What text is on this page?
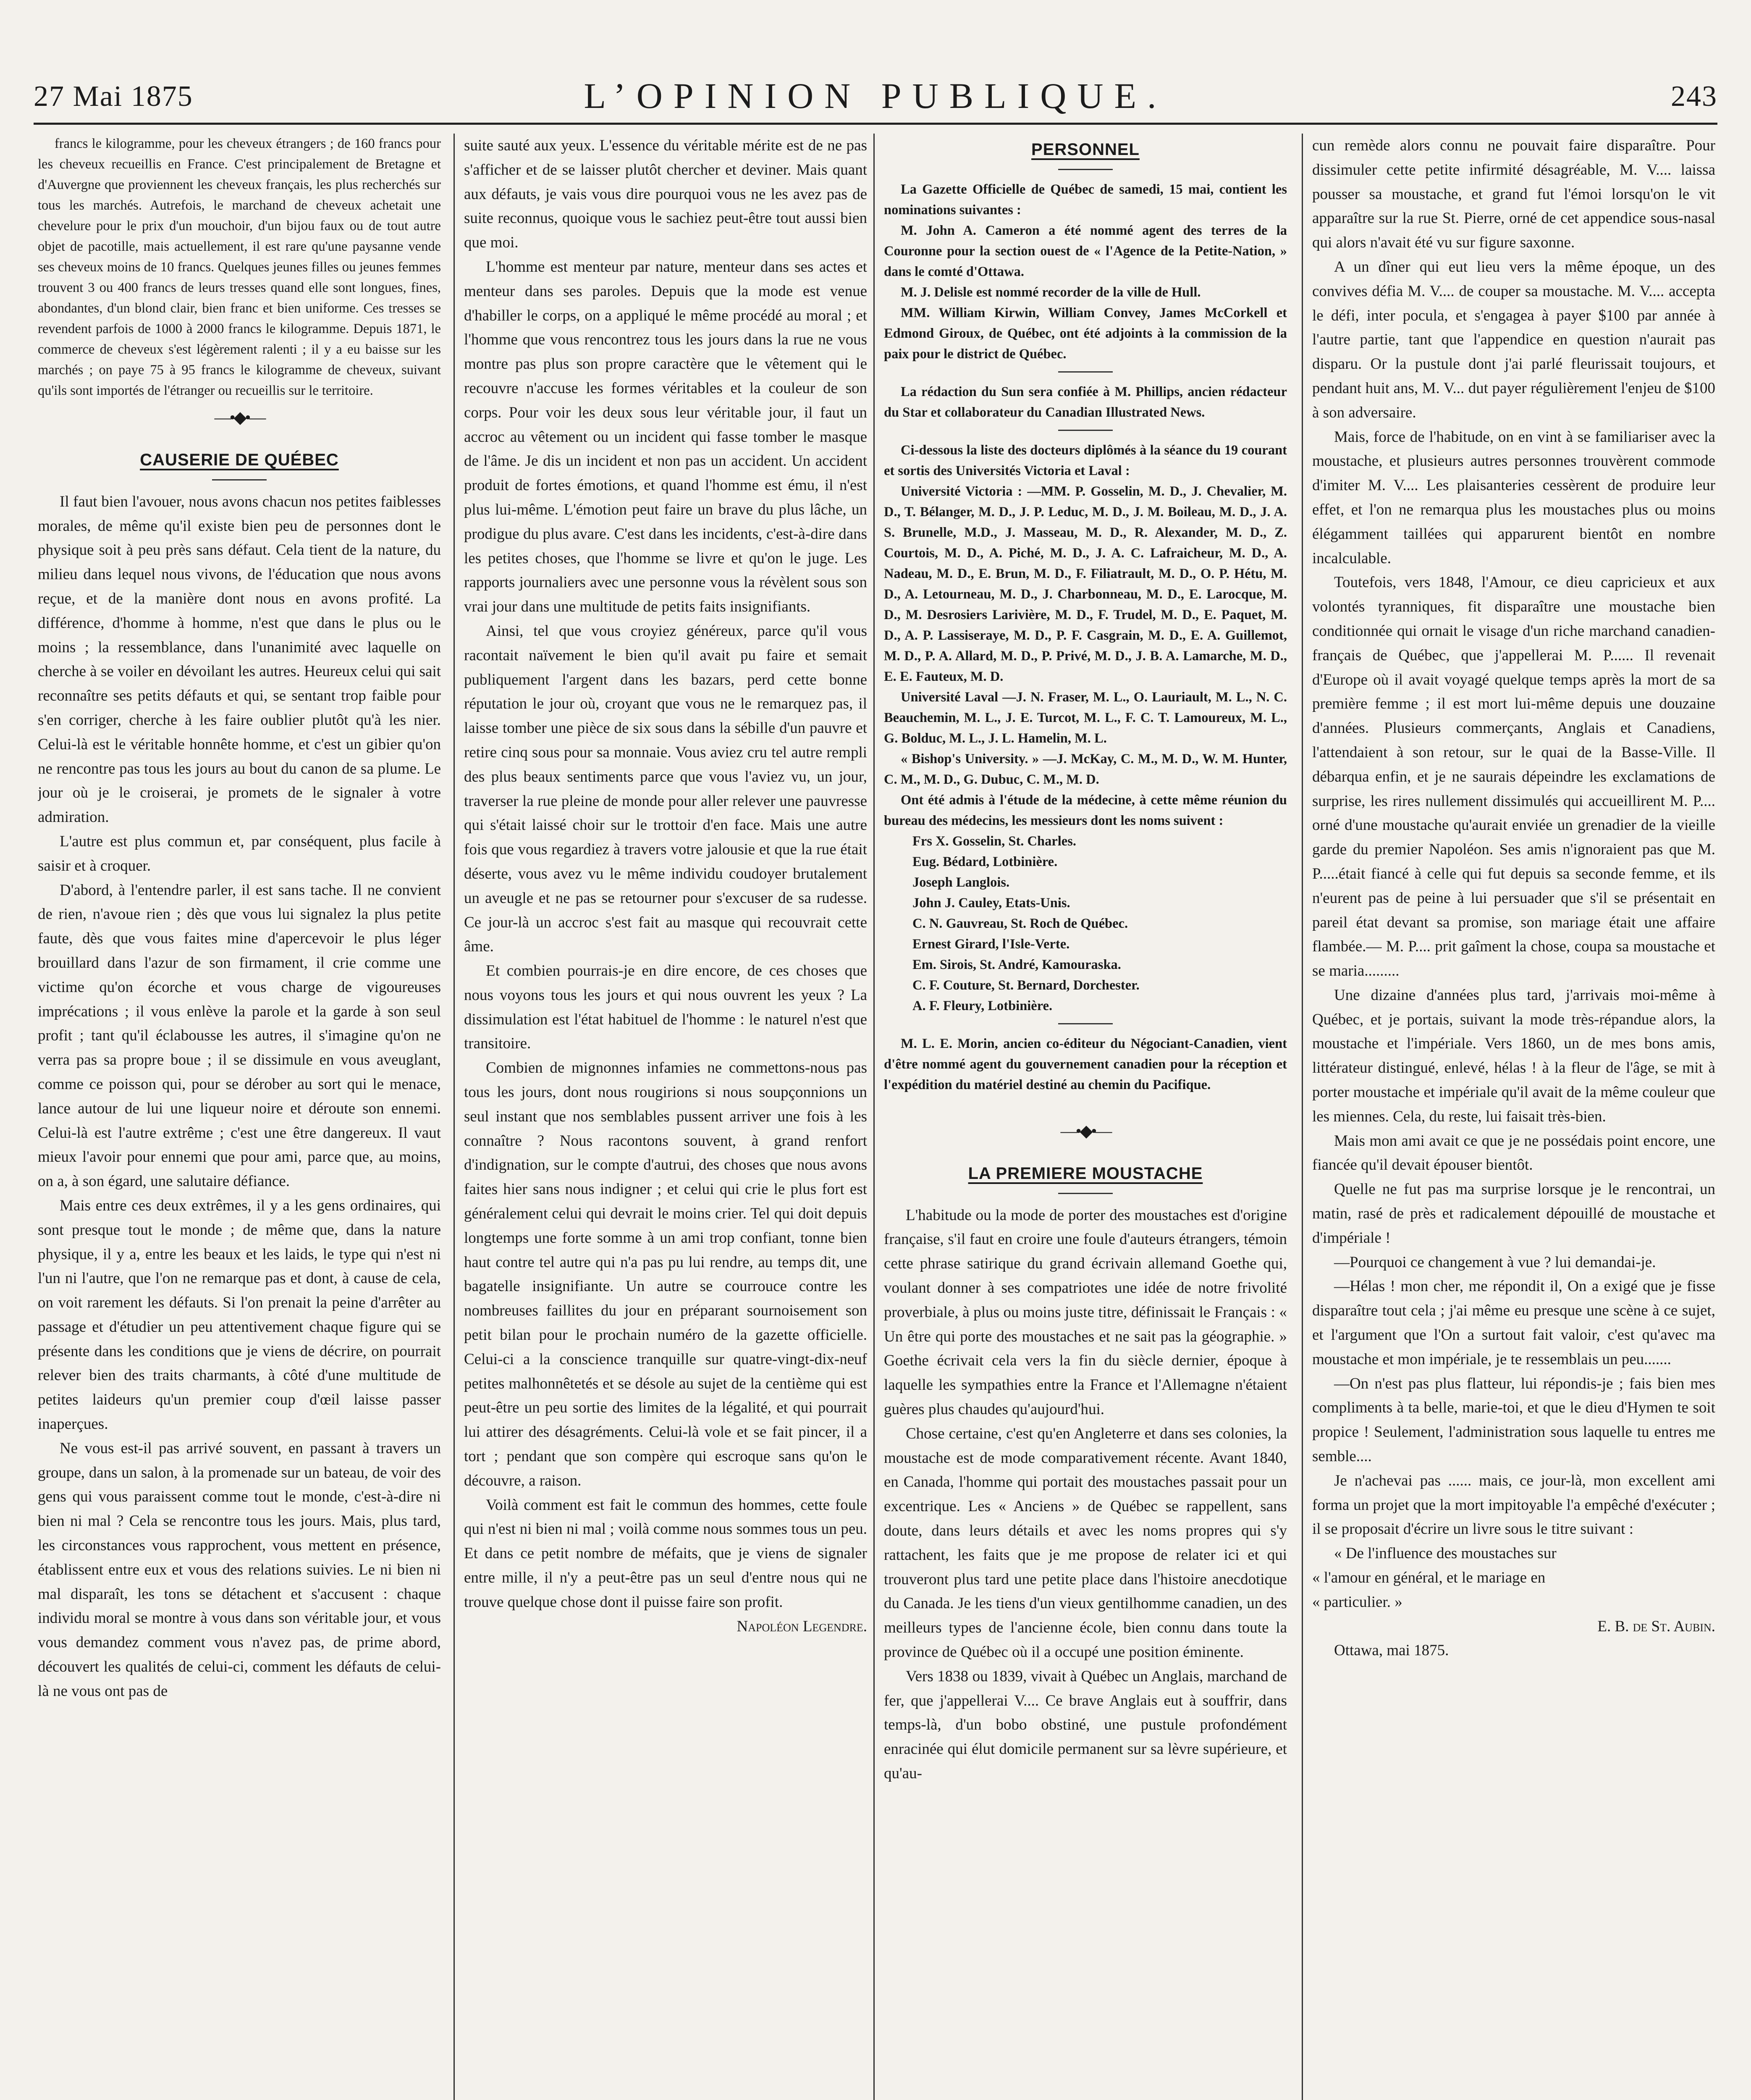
27 Mai 1875	L’OPINION PUBLIQUE.	243

francs le kilogramme, pour les cheveux étrangers ; de 160 francs pour les cheveux recueillis en France. C'est principalement de Bretagne et d'Auvergne que proviennent les cheveux français, les plus recherchés sur tous les marchés. Autrefois, le marchand de cheveux achetait une chevelure pour le prix d'un mouchoir, d'un bijou faux ou de tout autre objet de pacotille, mais actuellement, il est rare qu'une paysanne vende ses cheveux moins de 10 francs. Quelques jeunes filles ou jeunes femmes trouvent 3 ou 400 francs de leurs tresses quand elle sont longues, fines, abondantes, d'un blond clair, bien franc et bien uniforme. Ces tresses se revendent parfois de 1000 à 2000 francs le kilogramme. Depuis 1871, le commerce de cheveux s'est légèrement ralenti ; il y a eu baisse sur les marchés ; on paye 75 à 95 francs le kilogramme de cheveux, suivant qu'ils sont importés de l'étranger ou recueillis sur le territoire.

—•◆•—
CAUSERIE DE QUÉBEC

Il faut bien l'avouer, nous avons chacun nos petites faiblesses morales, de même qu'il existe bien peu de personnes dont le physique soit à peu près sans défaut. Cela tient de la nature, du milieu dans lequel nous vivons, de l'éducation que nous avons reçue, et de la manière dont nous en avons profité. La différence, d'homme à homme, n'est que dans le plus ou le moins ; la ressemblance, dans l'unanimité avec laquelle on cherche à se voiler en dévoilant les autres. Heureux celui qui sait reconnaître ses petits défauts et qui, se sentant trop faible pour s'en corriger, cherche à les faire oublier plutôt qu'à les nier. Celui-là est le véritable honnête homme, et c'est un gibier qu'on ne rencontre pas tous les jours au bout du canon de sa plume. Le jour où je le croiserai, je promets de le signaler à votre admiration.

L'autre est plus commun et, par conséquent, plus facile à saisir et à croquer.

D'abord, à l'entendre parler, il est sans tache. Il ne convient de rien, n'avoue rien ; dès que vous lui signalez la plus petite faute, dès que vous faites mine d'apercevoir le plus léger brouillard dans l'azur de son firmament, il crie comme une victime qu'on écorche et vous charge de vigoureuses imprécations ; il vous enlève la parole et la garde à son seul profit ; tant qu'il éclabousse les autres, il s'imagine qu'on ne verra pas sa propre boue ; il se dissimule en vous aveuglant, comme ce poisson qui, pour se dérober au sort qui le menace, lance autour de lui une liqueur noire et déroute son ennemi. Celui-là est l'autre extrême ; c'est une être dangereux. Il vaut mieux l'avoir pour ennemi que pour ami, parce que, au moins, on a, à son égard, une salutaire défiance.

Mais entre ces deux extrêmes, il y a les gens ordinaires, qui sont presque tout le monde ; de même que, dans la nature physique, il y a, entre les beaux et les laids, le type qui n'est ni l'un ni l'autre, que l'on ne remarque pas et dont, à cause de cela, on voit rarement les défauts. Si l'on prenait la peine d'arrêter au passage et d'étudier un peu attentivement chaque figure qui se présente dans les conditions que je viens de décrire, on pourrait relever bien des traits charmants, à côté d'une multitude de petites laideurs qu'un premier coup d'œil laisse passer inaperçues.

Ne vous est-il pas arrivé souvent, en passant à travers un groupe, dans un salon, à la promenade sur un bateau, de voir des gens qui vous paraissent comme tout le monde, c'est-à-dire ni bien ni mal ? Cela se rencontre tous les jours. Mais, plus tard, les circonstances vous rapprochent, vous mettent en présence, établissent entre eux et vous des relations suivies. Le ni bien ni mal disparaît, les tons se détachent et s'accusent : chaque individu moral se montre à vous dans son véritable jour, et vous vous demandez comment vous n'avez pas, de prime abord, découvert les qualités de celui-ci, comment les défauts de celui-là ne vous ont pas de

suite sauté aux yeux. L'essence du véritable mérite est de ne pas s'afficher et de se laisser plutôt chercher et deviner. Mais quant aux défauts, je vais vous dire pourquoi vous ne les avez pas de suite reconnus, quoique vous le sachiez peut-être tout aussi bien que moi.

L'homme est menteur par nature, menteur dans ses actes et menteur dans ses paroles. Depuis que la mode est venue d'habiller le corps, on a appliqué le même procédé au moral ; et l'homme que vous rencontrez tous les jours dans la rue ne vous montre pas plus son propre caractère que le vêtement qui le recouvre n'accuse les formes véritables et la couleur de son corps. Pour voir les deux sous leur véritable jour, il faut un accroc au vêtement ou un incident qui fasse tomber le masque de l'âme. Je dis un incident et non pas un accident. Un accident produit de fortes émotions, et quand l'homme est ému, il n'est plus lui-même. L'émotion peut faire un brave du plus lâche, un prodigue du plus avare. C'est dans les incidents, c'est-à-dire dans les petites choses, que l'homme se livre et qu'on le juge. Les rapports journaliers avec une personne vous la révèlent sous son vrai jour dans une multitude de petits faits insignifiants.

Ainsi, tel que vous croyiez généreux, parce qu'il vous racontait naïvement le bien qu'il avait pu faire et semait publiquement l'argent dans les bazars, perd cette bonne réputation le jour où, croyant que vous ne le remarquez pas, il laisse tomber une pièce de six sous dans la sébille d'un pauvre et retire cinq sous pour sa monnaie. Vous aviez cru tel autre rempli des plus beaux sentiments parce que vous l'aviez vu, un jour, traverser la rue pleine de monde pour aller relever une pauvresse qui s'était laissé choir sur le trottoir d'en face. Mais une autre fois que vous regardiez à travers votre jalousie et que la rue était déserte, vous avez vu le même individu coudoyer brutalement un aveugle et ne pas se retourner pour s'excuser de sa rudesse. Ce jour-là un accroc s'est fait au masque qui recouvrait cette âme.

Et combien pourrais-je en dire encore, de ces choses que nous voyons tous les jours et qui nous ouvrent les yeux ? La dissimulation est l'état habituel de l'homme : le naturel n'est que transitoire.

Combien de mignonnes infamies ne commettons-nous pas tous les jours, dont nous rougirions si nous soupçonnions un seul instant que nos semblables pussent arriver une fois à les connaître ? Nous racontons souvent, à grand renfort d'indignation, sur le compte d'autrui, des choses que nous avons faites hier sans nous indigner ; et celui qui crie le plus fort est généralement celui qui devrait le moins crier. Tel qui doit depuis longtemps une forte somme à un ami trop confiant, tonne bien haut contre tel autre qui n'a pas pu lui rendre, au temps dit, une bagatelle insignifiante. Un autre se courrouce contre les nombreuses faillites du jour en préparant sournoisement son petit bilan pour le prochain numéro de la gazette officielle. Celui-ci a la conscience tranquille sur quatre-vingt-dix-neuf petites malhonnêtetés et se désole au sujet de la centième qui est peut-être un peu sortie des limites de la légalité, et qui pourrait lui attirer des désagréments. Celui-là vole et se fait pincer, il a tort ; pendant que son compère qui escroque sans qu'on le découvre, a raison.

Voilà comment est fait le commun des hommes, cette foule qui n'est ni bien ni mal ; voilà comme nous sommes tous un peu. Et dans ce petit nombre de méfaits, que je viens de signaler entre mille, il n'y a peut-être pas un seul d'entre nous qui ne trouve quelque chose dont il puisse faire son profit.

Napoléon Legendre.

PERSONNEL

La Gazette Officielle de Québec de samedi, 15 mai, contient les nominations suivantes :

M. John A. Cameron a été nommé agent des terres de la Couronne pour la section ouest de « l'Agence de la Petite-Nation, » dans le comté d'Ottawa.

M. J. Delisle est nommé recorder de la ville de Hull.

MM. William Kirwin, William Convey, James McCorkell et Edmond Giroux, de Québec, ont été adjoints à la commission de la paix pour le district de Québec.

La rédaction du Sun sera confiée à M. Phillips, ancien rédacteur du Star et collaborateur du Canadian Illustrated News.

Ci-dessous la liste des docteurs diplômés à la séance du 19 courant et sortis des Universités Victoria et Laval :

Université Victoria : —MM. P. Gosselin, M. D., J. Chevalier, M. D., T. Bélanger, M. D., J. P. Leduc, M. D., J. M. Boileau, M. D., J. A. S. Brunelle, M.D., J. Masseau, M. D., R. Alexander, M. D., Z. Courtois, M. D., A. Piché, M. D., J. A. C. Lafraicheur, M. D., A. Nadeau, M. D., E. Brun, M. D., F. Filiatrault, M. D., O. P. Hétu, M. D., A. Letourneau, M. D., J. Charbonneau, M. D., E. Larocque, M. D., M. Desrosiers Larivière, M. D., F. Trudel, M. D., E. Paquet, M. D., A. P. Lassiseraye, M. D., P. F. Casgrain, M. D., E. A. Guillemot, M. D., P. A. Allard, M. D., P. Privé, M. D., J. B. A. Lamarche, M. D., E. E. Fauteux, M. D.

Université Laval —J. N. Fraser, M. L., O. Lauriault, M. L., N. C. Beauchemin, M. L., J. E. Turcot, M. L., F. C. T. Lamoureux, M. L., G. Bolduc, M. L., J. L. Hamelin, M. L.

« Bishop's University. » —J. McKay, C. M., M. D., W. M. Hunter, C. M., M. D., G. Dubuc, C. M., M. D.

Ont été admis à l'étude de la médecine, à cette même réunion du bureau des médecins, les messieurs dont les noms suivent :

Frs X. Gosselin, St. Charles.

Eug. Bédard, Lotbinière.

Joseph Langlois.

John J. Cauley, Etats-Unis.

C. N. Gauvreau, St. Roch de Québec.

Ernest Girard, l'Isle-Verte.

Em. Sirois, St. André, Kamouraska.

C. F. Couture, St. Bernard, Dorchester.

A. F. Fleury, Lotbinière.

M. L. E. Morin, ancien co-éditeur du Négociant-Canadien, vient d'être nommé agent du gouvernement canadien pour la réception et l'expédition du matériel destiné au chemin du Pacifique.

—•◆•—
LA PREMIERE MOUSTACHE

L'habitude ou la mode de porter des moustaches est d'origine française, s'il faut en croire une foule d'auteurs étrangers, témoin cette phrase satirique du grand écrivain allemand Goethe qui, voulant donner à ses compatriotes une idée de notre frivolité proverbiale, à plus ou moins juste titre, définissait le Français : « Un être qui porte des moustaches et ne sait pas la géographie. » Goethe écrivait cela vers la fin du siècle dernier, époque à laquelle les sympathies entre la France et l'Allemagne n'étaient guères plus chaudes qu'aujourd'hui.

Chose certaine, c'est qu'en Angleterre et dans ses colonies, la moustache est de mode comparativement récente. Avant 1840, en Canada, l'homme qui portait des moustaches passait pour un excentrique. Les « Anciens » de Québec se rappellent, sans doute, dans leurs détails et avec les noms propres qui s'y rattachent, les faits que je me propose de relater ici et qui trouveront plus tard une petite place dans l'histoire anecdotique du Canada. Je les tiens d'un vieux gentilhomme canadien, un des meilleurs types de l'ancienne école, bien connu dans toute la province de Québec où il a occupé une position éminente.

Vers 1838 ou 1839, vivait à Québec un Anglais, marchand de fer, que j'appellerai V.... Ce brave Anglais eut à souffrir, dans temps-là, d'un bobo obstiné, une pustule profondément enracinée qui élut domicile permanent sur sa lèvre supérieure, et qu'au-

cun remède alors connu ne pouvait faire disparaître. Pour dissimuler cette petite infirmité désagréable, M. V.... laissa pousser sa moustache, et grand fut l'émoi lorsqu'on le vit apparaître sur la rue St. Pierre, orné de cet appendice sous-nasal qui alors n'avait été vu sur figure saxonne.

A un dîner qui eut lieu vers la même époque, un des convives défia M. V.... de couper sa moustache. M. V.... accepta le défi, inter pocula, et s'engagea à payer $100 par année à l'autre partie, tant que l'appendice en question n'aurait pas disparu. Or la pustule dont j'ai parlé fleurissait toujours, et pendant huit ans, M. V... dut payer régulièrement l'enjeu de $100 à son adversaire.

Mais, force de l'habitude, on en vint à se familiariser avec la moustache, et plusieurs autres personnes trouvèrent commode d'imiter M. V.... Les plaisanteries cessèrent de produire leur effet, et l'on ne remarqua plus les moustaches plus ou moins élégamment taillées qui apparurent bientôt en nombre incalculable.

Toutefois, vers 1848, l'Amour, ce dieu capricieux et aux volontés tyranniques, fit disparaître une moustache bien conditionnée qui ornait le visage d'un riche marchand canadien-français de Québec, que j'appellerai M. P...... Il revenait d'Europe où il avait voyagé quelque temps après la mort de sa première femme ; il est mort lui-même depuis une douzaine d'années. Plusieurs commerçants, Anglais et Canadiens, l'attendaient à son retour, sur le quai de la Basse-Ville. Il débarqua enfin, et je ne saurais dépeindre les exclamations de surprise, les rires nullement dissimulés qui accueillirent M. P.... orné d'une moustache qu'aurait enviée un grenadier de la vieille garde du premier Napoléon. Ses amis n'ignoraient pas que M. P.....était fiancé à celle qui fut depuis sa seconde femme, et ils n'eurent pas de peine à lui persuader que s'il se présentait en pareil état devant sa promise, son mariage était une affaire flambée.— M. P.... prit gaîment la chose, coupa sa moustache et se maria.........

Une dizaine d'années plus tard, j'arrivais moi-même à Québec, et je portais, suivant la mode très-répandue alors, la moustache et l'impériale. Vers 1860, un de mes bons amis, littérateur distingué, enlevé, hélas ! à la fleur de l'âge, se mit à porter moustache et impériale qu'il avait de la même couleur que les miennes. Cela, du reste, lui faisait très-bien.

Mais mon ami avait ce que je ne possédais point encore, une fiancée qu'il devait épouser bientôt.

Quelle ne fut pas ma surprise lorsque je le rencontrai, un matin, rasé de près et radicalement dépouillé de moustache et d'impériale !

—Pourquoi ce changement à vue ? lui demandai-je.

—Hélas ! mon cher, me répondit il, On a exigé que je fisse disparaître tout cela ; j'ai même eu presque une scène à ce sujet, et l'argument que l'On a surtout fait valoir, c'est qu'avec ma moustache et mon impériale, je te ressemblais un peu.......

—On n'est pas plus flatteur, lui répondis-je ; fais bien mes compliments à ta belle, marie-toi, et que le dieu d'Hymen te soit propice ! Seulement, l'administration sous laquelle tu entres me semble....

Je n'achevai pas ...... mais, ce jour-là, mon excellent ami forma un projet que la mort impitoyable l'a empêché d'exécuter ; il se proposait d'écrire un livre sous le titre suivant :

« De l'influence des moustaches sur

« l'amour en général, et le mariage en

« particulier. »

E. B. de St. Aubin.

Ottawa, mai 1875.
